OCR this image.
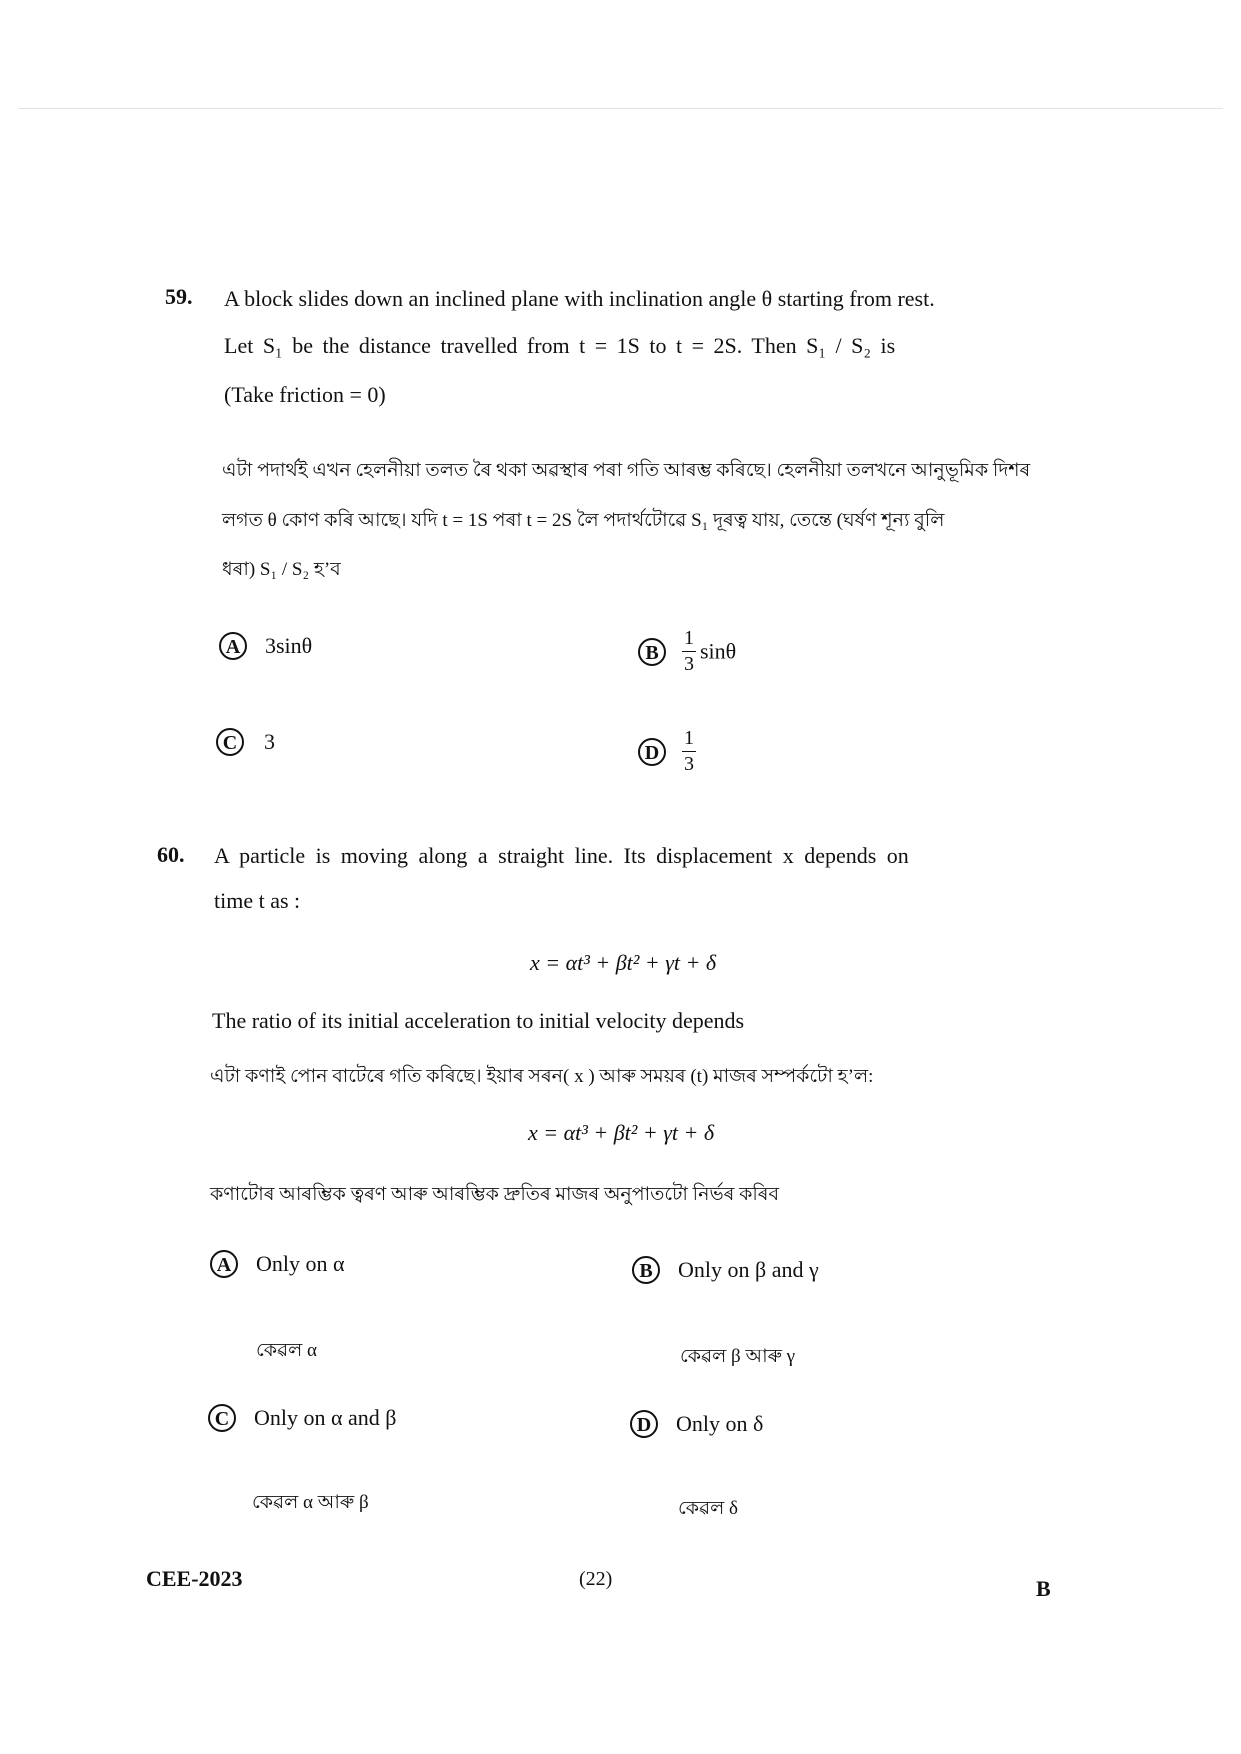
59. A block slides down an inclined plane with inclination angle θ starting from rest.
Let S₁ be the distance travelled from t = 1S to t = 2S. Then S₁ / S₂ is
(Take friction = 0)
এটা পদাৰ্থই এখন হেলনীয়া তলত ৰৈ থকা অৱস্থাৰ পৰা গতি আৰম্ভ কৰিছে। হেলনীয়া তলখনে আনুভূমিক দিশৰ
লগত θ কোণ কৰি আছে। যদি t = 1S পৰা t = 2S লৈ পদাৰ্থটোৱে S₁ দূৰত্ব যায়, তেন্তে (ঘৰ্ষণ শূন্য বুলি
ধৰা) S₁ / S₂ হ’ব
A 3sinθ	B $\frac{1}{3}$ sinθ
C 3	D $\frac{1}{3}$
60. A particle is moving along a straight line. Its displacement x depends on
time t as :
x = αt³ + βt² + γt + δ
The ratio of its initial acceleration to initial velocity depends
এটা কণাই পোন বাটেৰে গতি কৰিছে। ইয়াৰ সৰন( x ) আৰু সময়ৰ (t) মাজৰ সম্পৰ্কটো হ’ল:
x = αt³ + βt² + γt + δ
কণাটোৰ আৰম্ভিক ত্বৰণ আৰু আৰম্ভিক দ্ৰুতিৰ মাজৰ অনুপাতটো নিৰ্ভৰ কৰিব
A Only on α
কেৱল α
B Only on β and γ
কেৱল β আৰু γ
C Only on α and β
কেৱল α আৰু β
D Only on δ
কেৱল δ
CEE-2023	(22)	B
